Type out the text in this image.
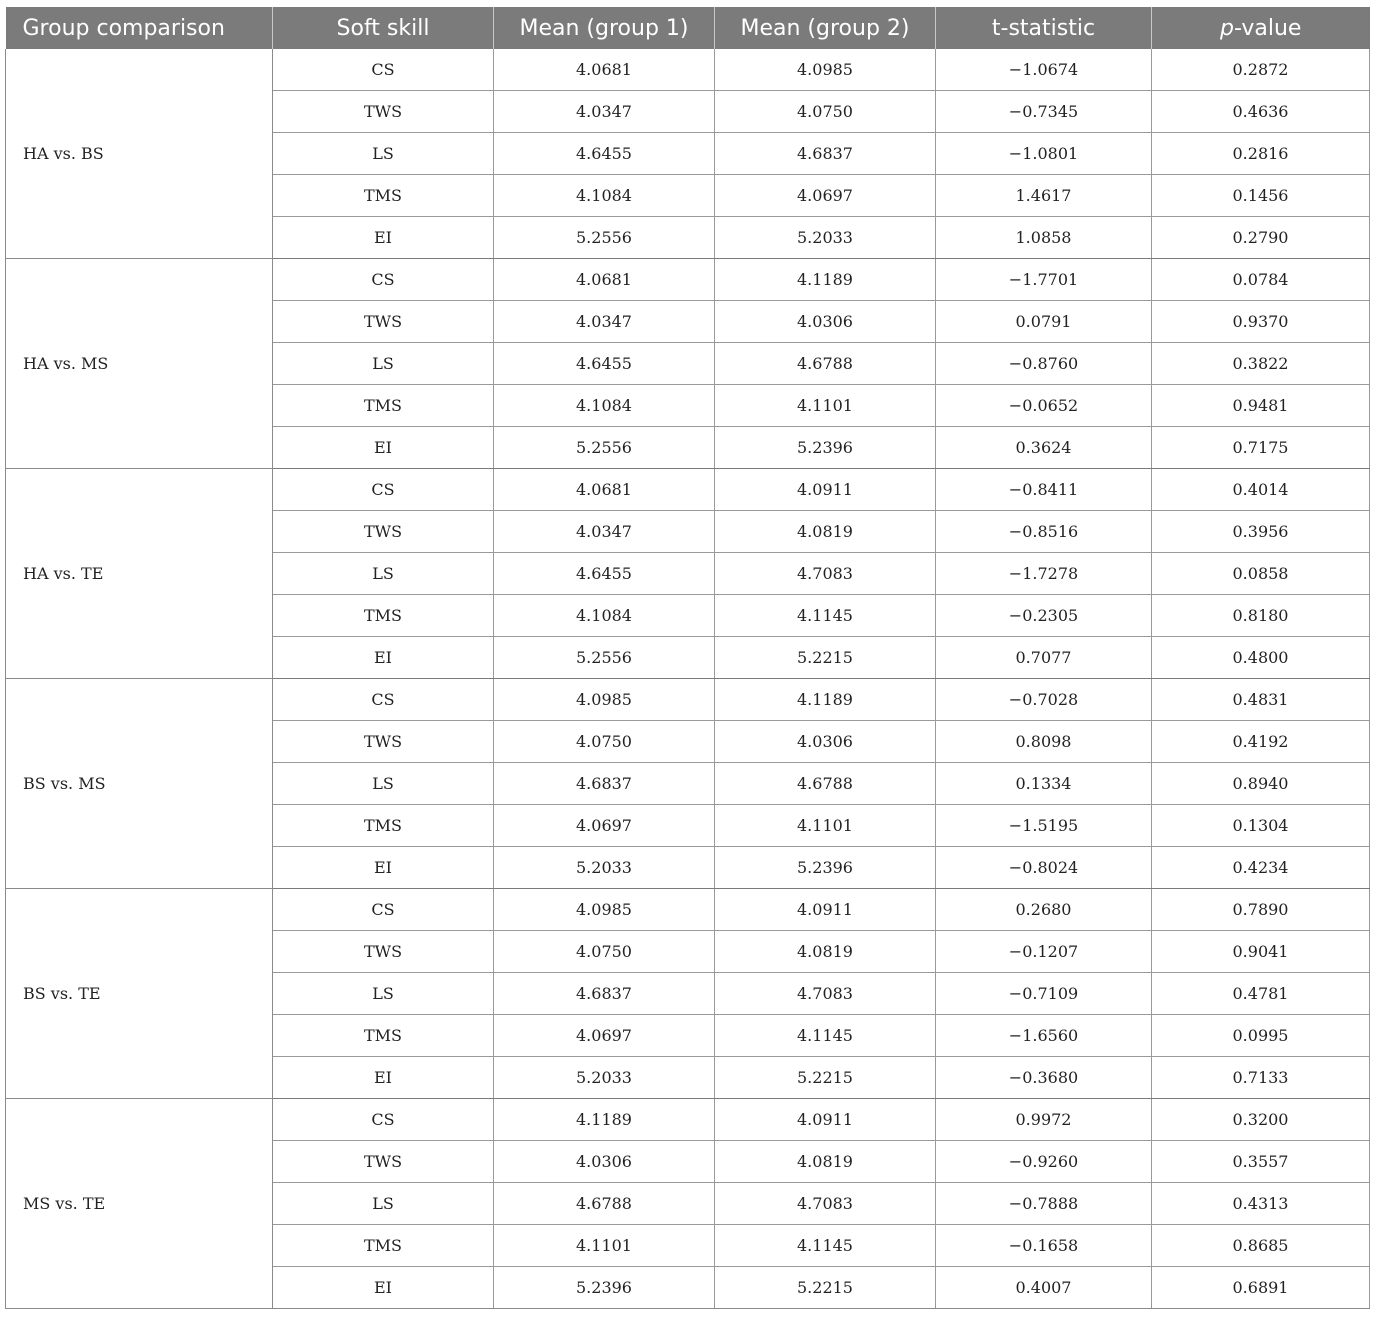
Group comparison	Soft skill	Mean (group 1)	Mean (group 2)	t-statistic	p-value
HA vs. BS	CS	4.0681	4.0985	−1.0674	0.2872
	TWS	4.0347	4.0750	−0.7345	0.4636
	LS	4.6455	4.6837	−1.0801	0.2816
	TMS	4.1084	4.0697	1.4617	0.1456
	EI	5.2556	5.2033	1.0858	0.2790
HA vs. MS	CS	4.0681	4.1189	−1.7701	0.0784
	TWS	4.0347	4.0306	0.0791	0.9370
	LS	4.6455	4.6788	−0.8760	0.3822
	TMS	4.1084	4.1101	−0.0652	0.9481
	EI	5.2556	5.2396	0.3624	0.7175
HA vs. TE	CS	4.0681	4.0911	−0.8411	0.4014
	TWS	4.0347	4.0819	−0.8516	0.3956
	LS	4.6455	4.7083	−1.7278	0.0858
	TMS	4.1084	4.1145	−0.2305	0.8180
	EI	5.2556	5.2215	0.7077	0.4800
BS vs. MS	CS	4.0985	4.1189	−0.7028	0.4831
	TWS	4.0750	4.0306	0.8098	0.4192
	LS	4.6837	4.6788	0.1334	0.8940
	TMS	4.0697	4.1101	−1.5195	0.1304
	EI	5.2033	5.2396	−0.8024	0.4234
BS vs. TE	CS	4.0985	4.0911	0.2680	0.7890
	TWS	4.0750	4.0819	−0.1207	0.9041
	LS	4.6837	4.7083	−0.7109	0.4781
	TMS	4.0697	4.1145	−1.6560	0.0995
	EI	5.2033	5.2215	−0.3680	0.7133
MS vs. TE	CS	4.1189	4.0911	0.9972	0.3200
	TWS	4.0306	4.0819	−0.9260	0.3557
	LS	4.6788	4.7083	−0.7888	0.4313
	TMS	4.1101	4.1145	−0.1658	0.8685
	EI	5.2396	5.2215	0.4007	0.6891
